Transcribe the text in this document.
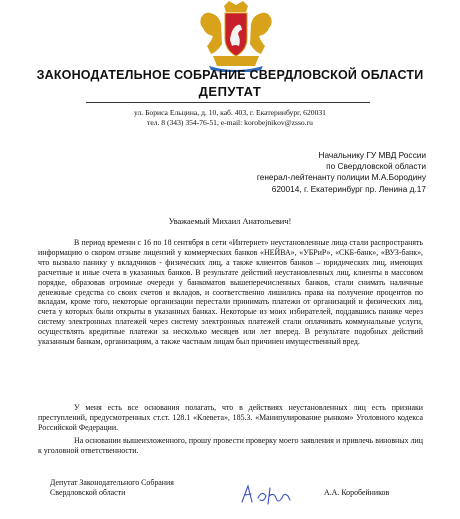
ЗАКОНОДАТЕЛЬНОЕ СОБРАНИЕ СВЕРДЛОВСКОЙ ОБЛАСТИ
ДЕПУТАТ
ул. Бориса Ельцина, д. 10, каб. 403, г. Екатеринбург, 620031
тел. 8 (343) 354-76-51, e-mail: korobejnikov@zsso.ru
Начальнику ГУ МВД России
по Свердловской области
генерал-лейтенанту полиции М.А.Бородину
620014, г. Екатеринбург пр. Ленина д.17
Уважаемый Михаил Анатольевич!

В период времени с 16 по 18 сентября в сети «Интернет» неустановленные лица стали распространять информацию о скором отзыве лицензий у коммерческих банков «НЕЙВА», «УБРиР», «СКБ-банк», «ВУЗ-банк», что вызвало панику у вкладчиков - физических лиц, а также клиентов банков – юридических лиц, имеющих расчетные и иные счета в указанных банков. В результате действий неустановленных лиц, клиенты в массовом порядке, образовав огромные очереди у банкоматов вышеперечисленных банков, стали снимать наличные денежные средства со своих счетов и вкладов, и соответственно лишились права на получение процентов по вкладам, кроме того, некоторые организации перестали принимать платежи от организаций и физических лиц, счета у которых были открыты в указанных банках. Некоторые из моих избирателей, поддавшись панике через систему электронных платежей через систему электронных платежей стали оплачивать коммунальные услуги, осуществлять кредитные платежи за несколько месяцев или лет вперед. В результате подобных действий указанным банкам, организациям, а также частным лицам был причинен имущественный вред.

У меня есть все основания полагать, что в действиях неустановленных лиц есть признаки преступлений, предусмотренных ст.ст. 128.1 «Клевета», 185.3. «Манипулирование рынком» Уголовного кодекса Российской Федерации.

На основании вышеизложенного, прошу провести проверку моего заявления и привлечь виновных лиц к уголовной ответственности.

Депутат Законодательного Собрания
Свердловской области	А.А. Коробейников
